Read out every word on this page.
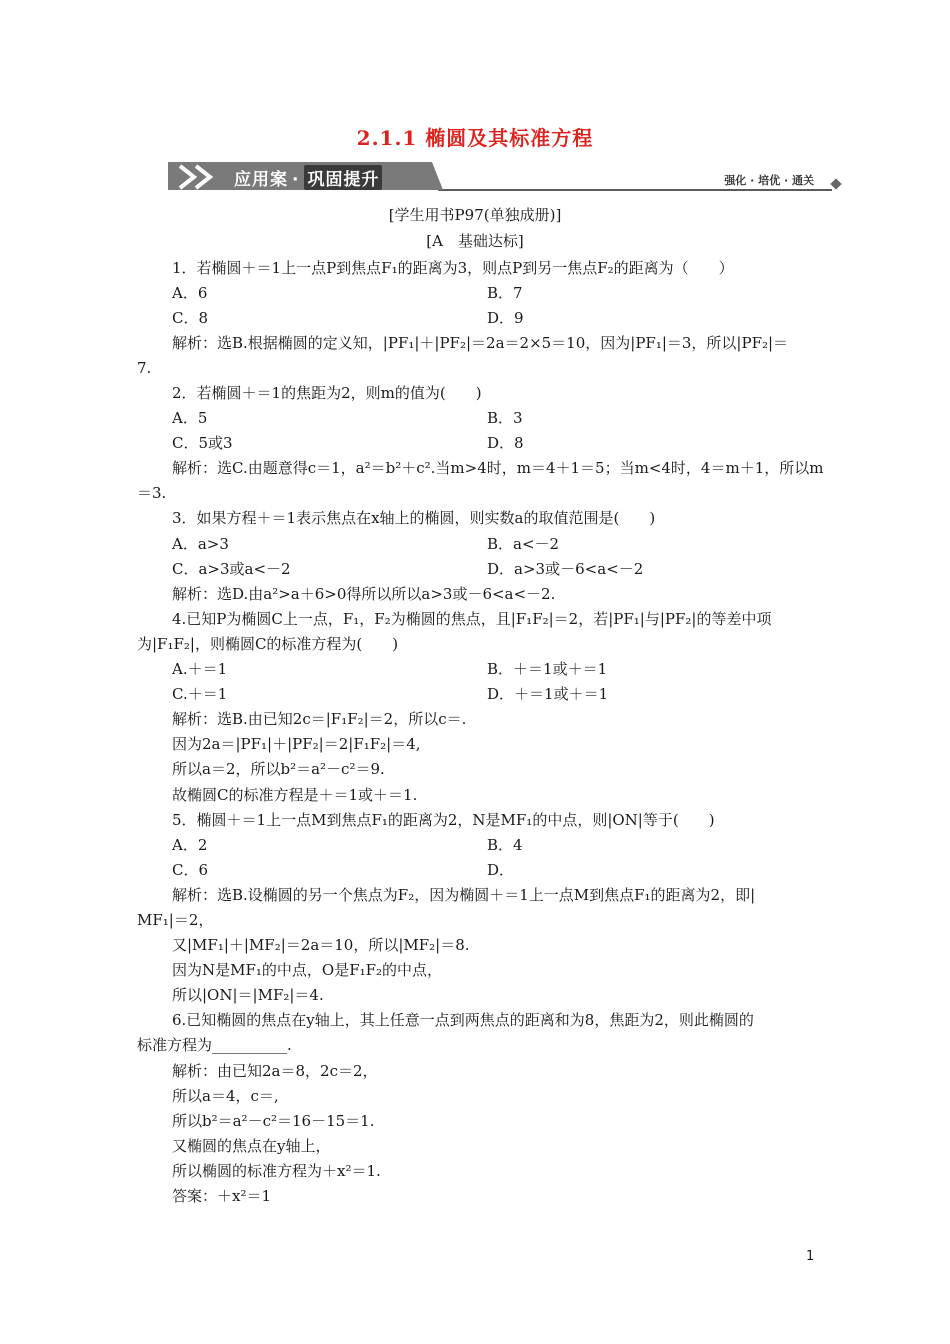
2.1.1 椭圆及其标准方程
应用案 · 巩固提升	强化 · 培优 · 通关
[学生用书P97(单独成册)]
[A　基础达标]
1．若椭圆＋＝1上一点P到焦点F₁的距离为3，则点P到另一焦点F₂的距离为（　　）
A．6	B．7
C．8	D．9
解析：选B.根据椭圆的定义知，|PF₁|＋|PF₂|＝2a＝2×5＝10，因为|PF₁|＝3，所以|PF₂|＝
7.
2．若椭圆＋＝1的焦距为2，则m的值为(　　)
A．5	B．3
C．5或3	D．8
解析：选C.由题意得c＝1，a²＝b²＋c².当m>4时，m＝4＋1＝5；当m<4时，4＝m＋1，所以m
＝3.
3．如果方程＋＝1表示焦点在x轴上的椭圆，则实数a的取值范围是(　　)
A．a>3	B．a<－2
C．a>3或a<－2	D．a>3或－6<a<－2
解析：选D.由a²>a＋6>0得所以所以a>3或－6<a<－2.
4.已知P为椭圆C上一点，F₁，F₂为椭圆的焦点，且|F₁F₂|＝2，若|PF₁|与|PF₂|的等差中项
为|F₁F₂|，则椭圆C的标准方程为(　　)
A.＋＝1	B．＋＝1或＋＝1
C.＋＝1	D．＋＝1或＋＝1
解析：选B.由已知2c＝|F₁F₂|＝2，所以c＝.
因为2a＝|PF₁|＋|PF₂|＝2|F₁F₂|＝4,
所以a＝2，所以b²＝a²－c²＝9.
故椭圆C的标准方程是＋＝1或＋＝1.
5．椭圆＋＝1上一点M到焦点F₁的距离为2，N是MF₁的中点，则|ON|等于(　　)
A．2	B．4
C．6	D．
解析：选B.设椭圆的另一个焦点为F₂，因为椭圆＋＝1上一点M到焦点F₁的距离为2，即|
MF₁|＝2，
又|MF₁|＋|MF₂|＝2a＝10，所以|MF₂|＝8.
因为N是MF₁的中点，O是F₁F₂的中点，
所以|ON|＝|MF₂|＝4.
6.已知椭圆的焦点在y轴上，其上任意一点到两焦点的距离和为8，焦距为2，则此椭圆的
标准方程为__________.
解析：由已知2a＝8，2c＝2，
所以a＝4，c＝,
所以b²＝a²－c²＝16－15＝1.
又椭圆的焦点在y轴上，
所以椭圆的标准方程为＋x²＝1.
答案：＋x²＝1
1
